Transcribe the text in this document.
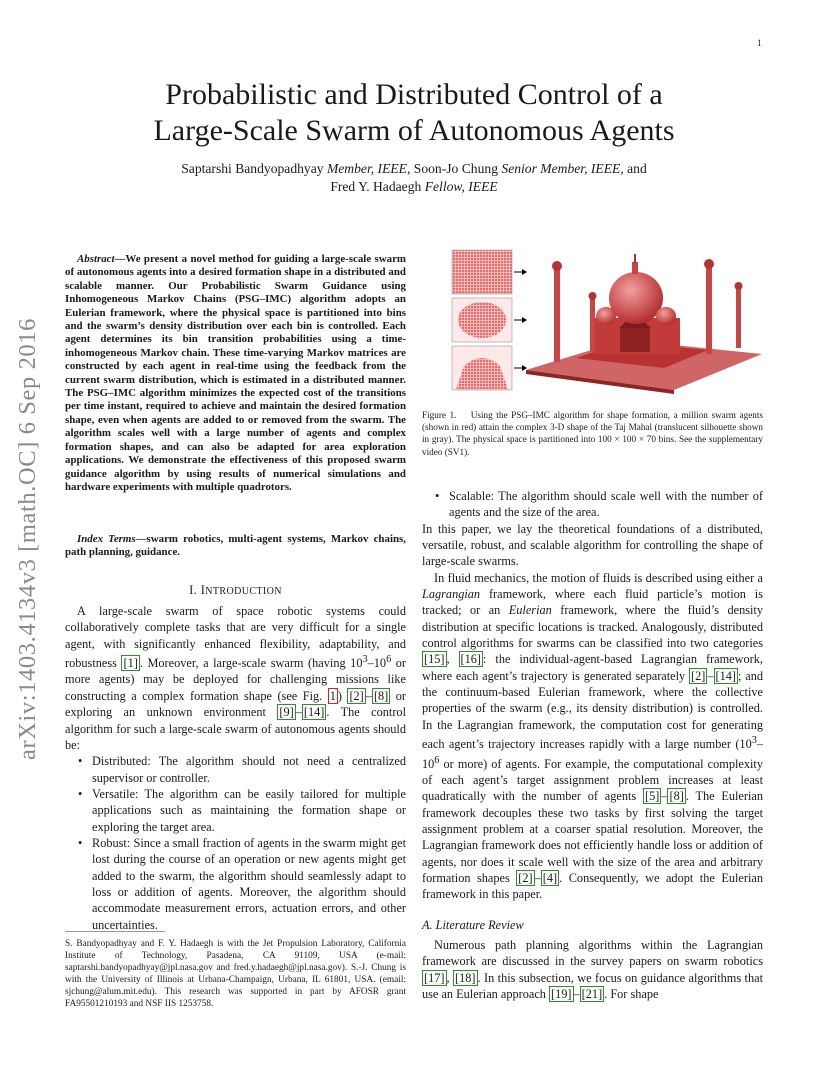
1
arXiv:1403.4134v3 [math.OC] 6 Sep 2016
Probabilistic and Distributed Control of a
Large-Scale Swarm of Autonomous Agents
Saptarshi Bandyopadhyay Member, IEEE, Soon-Jo Chung Senior Member, IEEE, and
Fred Y. Hadaegh Fellow, IEEE
Abstract—We present a novel method for guiding a large-scale swarm of autonomous agents into a desired formation shape in a distributed and scalable manner. Our Probabilistic Swarm Guidance using Inhomogeneous Markov Chains (PSG–IMC) algorithm adopts an Eulerian framework, where the physical space is partitioned into bins and the swarm’s density distribution over each bin is controlled. Each agent determines its bin transition probabilities using a time-inhomogeneous Markov chain. These time-varying Markov matrices are constructed by each agent in real-time using the feedback from the current swarm distribution, which is estimated in a distributed manner. The PSG–IMC algorithm minimizes the expected cost of the transitions per time instant, required to achieve and maintain the desired formation shape, even when agents are added to or removed from the swarm. The algorithm scales well with a large number of agents and complex formation shapes, and can also be adapted for area exploration applications. We demonstrate the effectiveness of this proposed swarm guidance algorithm by using results of numerical simulations and hardware experiments with multiple quadrotors.
Index Terms—swarm robotics, multi-agent systems, Markov chains, path planning, guidance.
I. INTRODUCTION

A large-scale swarm of space robotic systems could collaboratively complete tasks that are very difficult for a single agent, with significantly enhanced flexibility, adaptability, and robustness [1] . Moreover, a large-scale swarm (having $10^3-10^6$ or more agents) may be deployed for challenging missions like constructing a complex formation shape (see Fig. 1 ) [2] – [8] or exploring an unknown environment [9] – [14] . The control algorithm for such a large-scale swarm of autonomous agents should be:

• Distributed: The algorithm should not need a centralized supervisor or controller.
• Versatile: The algorithm can be easily tailored for multiple applications such as maintaining the formation shape or exploring the target area.
• Robust: Since a small fraction of agents in the swarm might get lost during the course of an operation or new agents might get added to the swarm, the algorithm should seamlessly adapt to loss or addition of agents. Moreover, the algorithm should accommodate measurement errors, actuation errors, and other uncertainties.
S. Bandyopadhyay and F. Y. Hadaegh is with the Jet Propulsion Laboratory, California Institute of Technology, Pasadena, CA 91109, USA (e-mail: saptarshi.bandyopadhyay@jpl.nasa.gov and fred.y.hadaegh@jpl.nasa.gov). S.-J. Chung is with the University of Illinois at Urbana-Champaign, Urbana, IL 61801, USA. (email: sjchung@alum.mit.edu). This research was supported in part by AFOSR grant FA95501210193 and NSF IIS 1253758.
Figure 1. Using the PSG–IMC algorithm for shape formation, a million swarm agents (shown in red) attain the complex 3-D shape of the Taj Mahal (translucent silhouette shown in gray). The physical space is partitioned into 100 × 100 × 70 bins. See the supplementary video (SV1).
• Scalable: The algorithm should scale well with the number of agents and the size of the area.

In this paper, we lay the theoretical foundations of a distributed, versatile, robust, and scalable algorithm for controlling the shape of large-scale swarms.

In fluid mechanics, the motion of fluids is described using either a Lagrangian framework, where each fluid particle’s motion is tracked; or an Eulerian framework, where the fluid’s density distribution at specific locations is tracked. Analogously, distributed control algorithms for swarms can be classified into two categories [15] , [16] : the individual-agent-based Lagrangian framework, where each agent’s trajectory is generated separately [2] – [14] ; and the continuum-based Eulerian framework, where the collective properties of the swarm (e.g., its density distribution) is controlled. In the Lagrangian framework, the computation cost for generating each agent’s trajectory increases rapidly with a large number ($10^3-10^6$ or more) of agents. For example, the computational complexity of each agent’s target assignment problem increases at least quadratically with the number of agents [5] – [8] . The Eulerian framework decouples these two tasks by first solving the target assignment problem at a coarser spatial resolution. Moreover, the Lagrangian framework does not efficiently handle loss or addition of agents, nor does it scale well with the size of the area and arbitrary formation shapes [2] – [4] . Consequently, we adopt the Eulerian framework in this paper.

A. Literature Review

Numerous path planning algorithms within the Lagrangian framework are discussed in the survey papers on swarm robotics [17] , [18] . In this subsection, we focus on guidance algorithms that use an Eulerian approach [19] – [21] . For shape
